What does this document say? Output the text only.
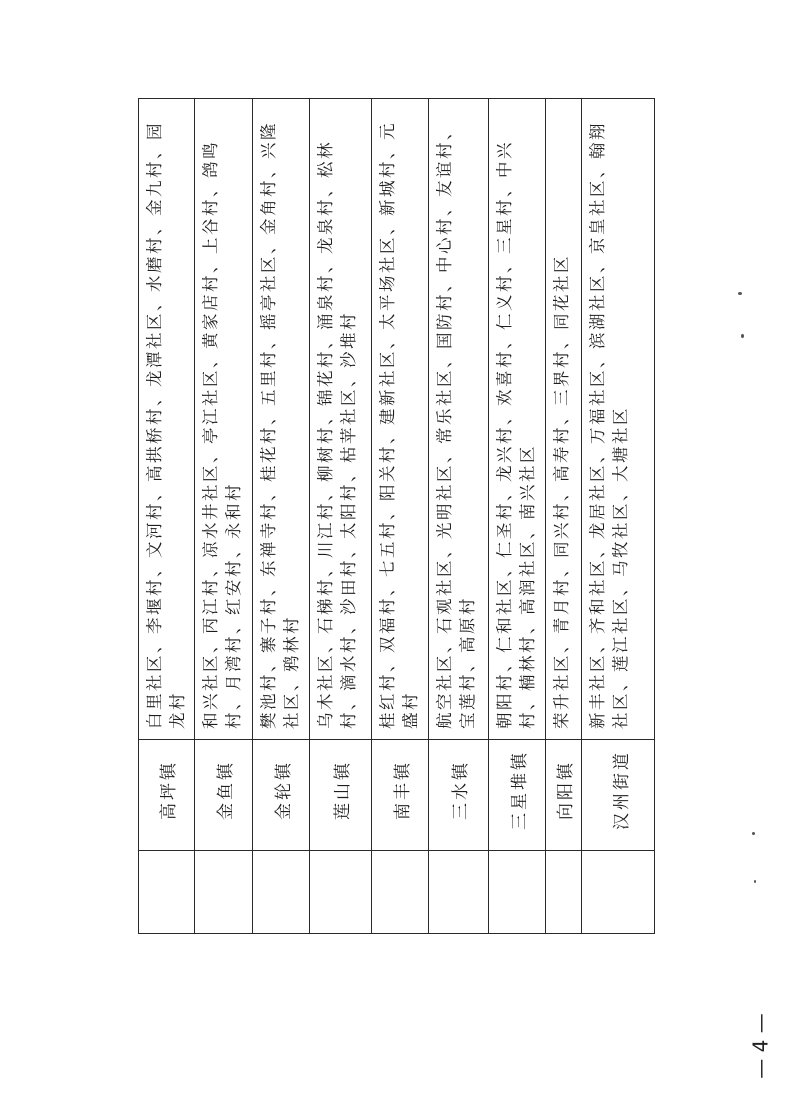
高坪镇
白里社区、李堰村、文河村、高拱桥村、龙潭社区、水磨村、金九村、园龙村
金鱼镇
和兴社区、丙江村、凉水井社区、亭江社区、黄家店村、上谷村、鸽鸣村、月湾村、红安村、永和村
金轮镇
樊池村、寨子村、东禅寺村、桂花村、五里村、摇亭社区、金角村、兴隆社区、鸦林村
莲山镇
乌木社区、石梯村、川江村、柳树村、锦花村、涌泉村、龙泉村、松林村、滴水村、沙田村、太阳村、枯苹社区、沙堆村
南丰镇
桂红村、双福村、七五村、阳关村、建新社区、太平场社区、新城村、元盛村
三水镇
航空社区、石观社区、光明社区、常乐社区、国防村、中心村、友谊村、宝莲村、高原村
三星堆镇
朝阳村、仁和社区、仁圣村、龙兴村、欢喜村、仁义村、三星村、中兴村、楠林村、高润社区、南兴社区
向阳镇
荣升社区、青月村、同兴村、高寿村、三界村、同花社区
汉州街道
新丰社区、齐和社区、龙居社区、万福社区、滨湖社区、京皇社区、翰翔社区、莲江社区、马牧社区、大塘社区
— 4 —
